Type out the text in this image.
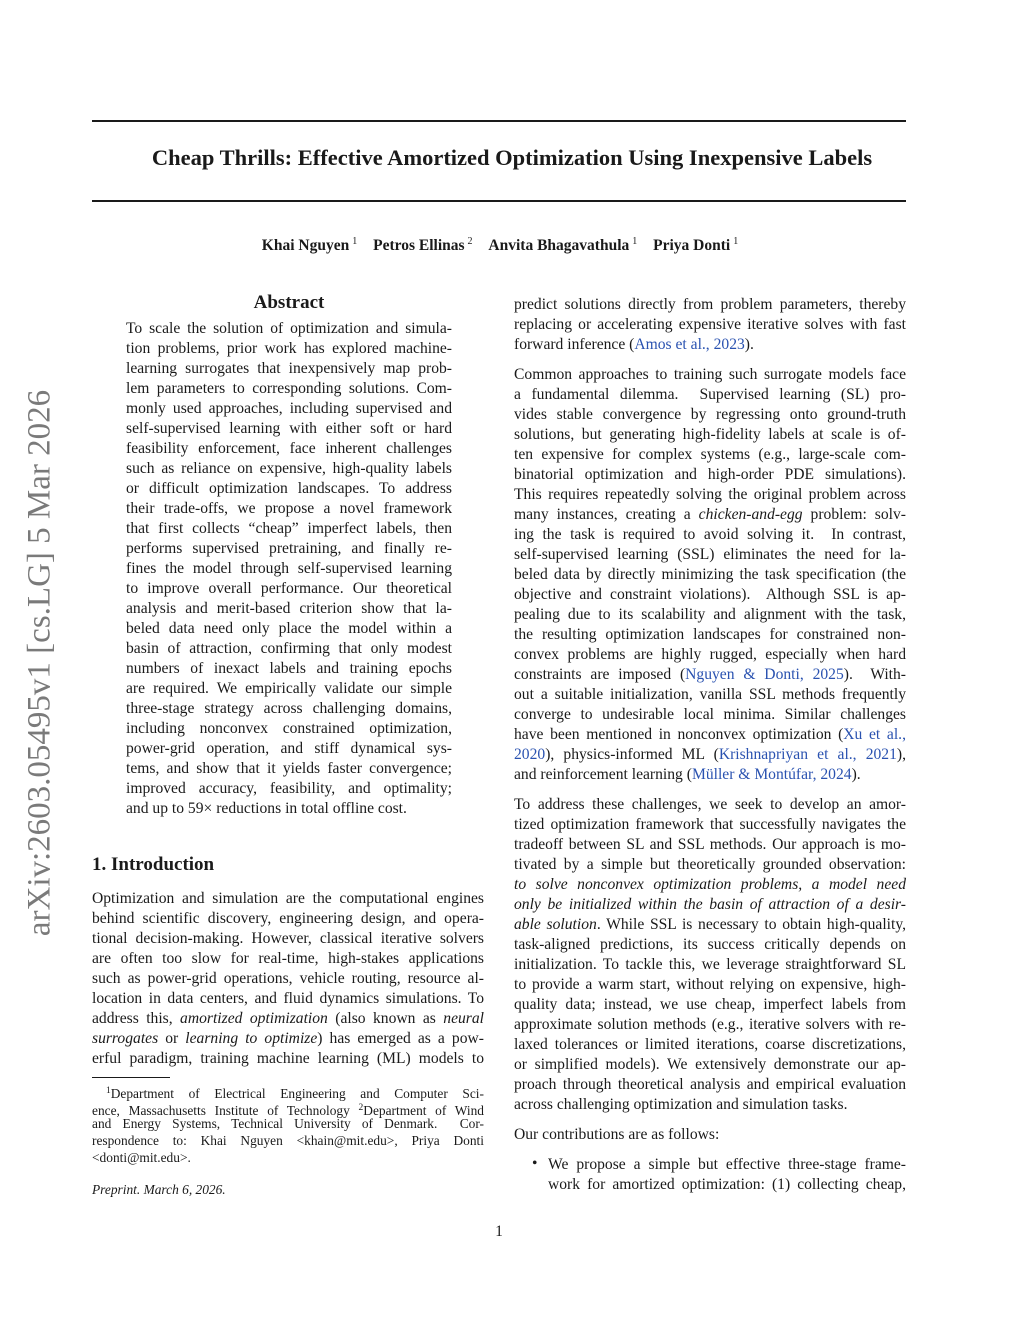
arXiv:2603.05495v1 [cs.LG] 5 Mar 2026
Cheap Thrills: Effective Amortized Optimization Using Inexpensive Labels
Khai Nguyen $^1$ Petros Ellinas $^2$ Anvita Bhagavathula $^1$ Priya Donti $^1$
Abstract
To scale the solution of optimization and simula-
tion problems, prior work has explored machine-
learning surrogates that inexpensively map prob-
lem parameters to corresponding solutions. Com-
monly used approaches, including supervised and
self-supervised learning with either soft or hard
feasibility enforcement, face inherent challenges
such as reliance on expensive, high-quality labels
or difficult optimization landscapes. To address
their trade-offs, we propose a novel framework
that first collects “cheap” imperfect labels, then
performs supervised pretraining, and finally re-
fines the model through self-supervised learning
to improve overall performance. Our theoretical
analysis and merit-based criterion show that la-
beled data need only place the model within a
basin of attraction, confirming that only modest
numbers of inexact labels and training epochs
are required. We empirically validate our simple
three-stage strategy across challenging domains,
including nonconvex constrained optimization,
power-grid operation, and stiff dynamical sys-
tems, and show that it yields faster convergence;
improved accuracy, feasibility, and optimality;
and up to 59× reductions in total offline cost.
1. Introduction
Optimization and simulation are the computational engines
behind scientific discovery, engineering design, and opera-
tional decision-making. However, classical iterative solvers
are often too slow for real-time, high-stakes applications
such as power-grid operations, vehicle routing, resource al-
location in data centers, and fluid dynamics simulations. To
address this, amortized optimization (also known as neural
surrogates or learning to optimize) has emerged as a pow-
erful paradigm, training machine learning (ML) models to
$^1$Department of Electrical Engineering and Computer Sci-
ence, Massachusetts Institute of Technology $^2$Department of Wind
and Energy Systems, Technical University of Denmark.  Cor-
respondence to: Khai Nguyen <khain@mit.edu>, Priya Donti
<donti@mit.edu>.
Preprint. March 6, 2026.
predict solutions directly from problem parameters, thereby
replacing or accelerating expensive iterative solves with fast
forward inference (Amos et al., 2023).
Common approaches to training such surrogate models face
a fundamental dilemma.  Supervised learning (SL) pro-
vides stable convergence by regressing onto ground-truth
solutions, but generating high-fidelity labels at scale is of-
ten expensive for complex systems (e.g., large-scale com-
binatorial optimization and high-order PDE simulations).
This requires repeatedly solving the original problem across
many instances, creating a chicken-and-egg problem: solv-
ing the task is required to avoid solving it.  In contrast,
self-supervised learning (SSL) eliminates the need for la-
beled data by directly minimizing the task specification (the
objective and constraint violations).  Although SSL is ap-
pealing due to its scalability and alignment with the task,
the resulting optimization landscapes for constrained non-
convex problems are highly rugged, especially when hard
constraints are imposed (Nguyen & Donti, 2025).  With-
out a suitable initialization, vanilla SSL methods frequently
converge to undesirable local minima. Similar challenges
have been mentioned in nonconvex optimization (Xu et al.,
2020), physics-informed ML (Krishnapriyan et al., 2021),
and reinforcement learning (Müller & Montúfar, 2024).
To address these challenges, we seek to develop an amor-
tized optimization framework that successfully navigates the
tradeoff between SL and SSL methods. Our approach is mo-
tivated by a simple but theoretically grounded observation:
to solve nonconvex optimization problems, a model need
only be initialized within the basin of attraction of a desir-
able solution. While SSL is necessary to obtain high-quality,
task-aligned predictions, its success critically depends on
initialization. To tackle this, we leverage straightforward SL
to provide a warm start, without relying on expensive, high-
quality data; instead, we use cheap, imperfect labels from
approximate solution methods (e.g., iterative solvers with re-
laxed tolerances or limited iterations, coarse discretizations,
or simplified models). We extensively demonstrate our ap-
proach through theoretical analysis and empirical evaluation
across challenging optimization and simulation tasks.
Our contributions are as follows:
• We propose a simple but effective three-stage frame-
work for amortized optimization: (1) collecting cheap,
1
